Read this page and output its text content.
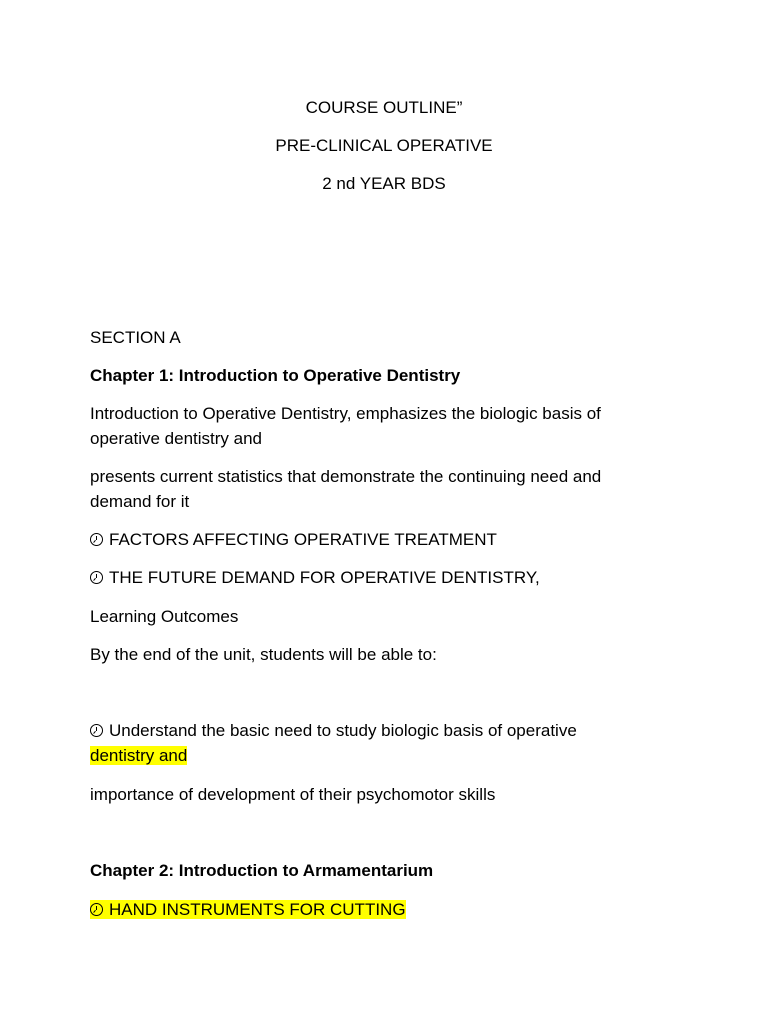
COURSE OUTLINE”
PRE-CLINICAL OPERATIVE
2 nd YEAR BDS
SECTION A
Chapter 1: Introduction to Operative Dentistry
Introduction to Operative Dentistry, emphasizes the biologic basis of
operative dentistry and
presents current statistics that demonstrate the continuing need and
demand for it
FACTORS AFFECTING OPERATIVE TREATMENT
THE FUTURE DEMAND FOR OPERATIVE DENTISTRY,
Learning Outcomes
By the end of the unit, students will be able to:
Understand the basic need to study biologic basis of operative
dentistry and
importance of development of their psychomotor skills
Chapter 2: Introduction to Armamentarium
HAND INSTRUMENTS FOR CUTTING
